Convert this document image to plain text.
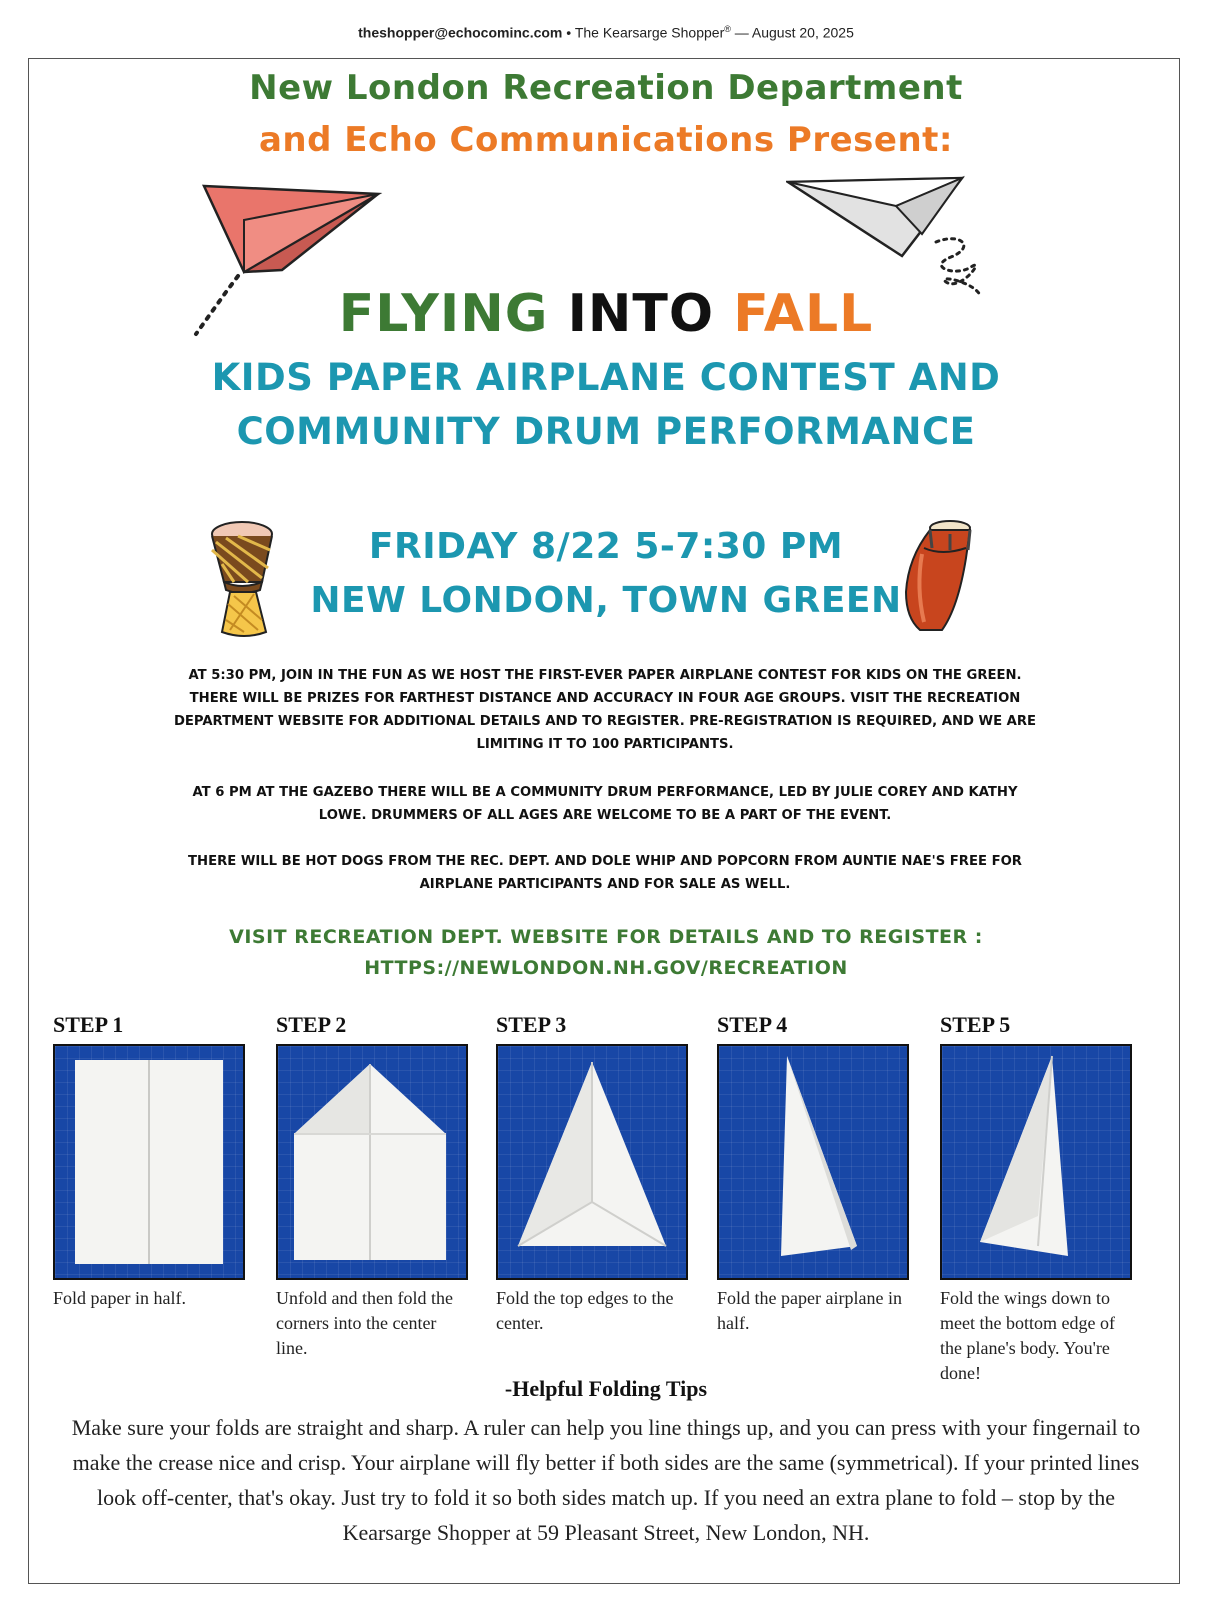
theshopper@echocominc.com • The Kearsarge Shopper® — August 20, 2025
New London Recreation Department
and Echo Communications Present:
FLYING INTO FALL
KIDS PAPER AIRPLANE CONTEST AND
COMMUNITY DRUM PERFORMANCE
FRIDAY 8/22 5-7:30 PM
NEW LONDON, TOWN GREEN
AT 5:30 PM, JOIN IN THE FUN AS WE HOST THE FIRST-EVER PAPER AIRPLANE CONTEST FOR KIDS ON THE GREEN. THERE WILL BE PRIZES FOR FARTHEST DISTANCE AND ACCURACY IN FOUR AGE GROUPS. VISIT THE RECREATION DEPARTMENT WEBSITE FOR ADDITIONAL DETAILS AND TO REGISTER. PRE-REGISTRATION IS REQUIRED, AND WE ARE LIMITING IT TO 100 PARTICIPANTS.
AT 6 PM AT THE GAZEBO THERE WILL BE A COMMUNITY DRUM PERFORMANCE, LED BY JULIE COREY AND KATHY LOWE. DRUMMERS OF ALL AGES ARE WELCOME TO BE A PART OF THE EVENT.
THERE WILL BE HOT DOGS FROM THE REC. DEPT. AND DOLE WHIP AND POPCORN FROM AUNTIE NAE'S FREE FOR AIRPLANE PARTICIPANTS AND FOR SALE AS WELL.
VISIT RECREATION DEPT. WEBSITE FOR DETAILS AND TO REGISTER :
HTTPS://NEWLONDON.NH.GOV/RECREATION
STEP 1
Fold paper in half.
STEP 2
Unfold and then fold the corners into the center line.
STEP 3
Fold the top edges to the center.
STEP 4
Fold the paper airplane in half.
STEP 5
Fold the wings down to meet the bottom edge of the plane's body. You're done!
-Helpful Folding Tips
Make sure your folds are straight and sharp. A ruler can help you line things up, and you can press with your fingernail to make the crease nice and crisp. Your airplane will fly better if both sides are the same (symmetrical). If your printed lines look off-center, that's okay. Just try to fold it so both sides match up. If you need an extra plane to fold – stop by the Kearsarge Shopper at 59 Pleasant Street, New London, NH.
